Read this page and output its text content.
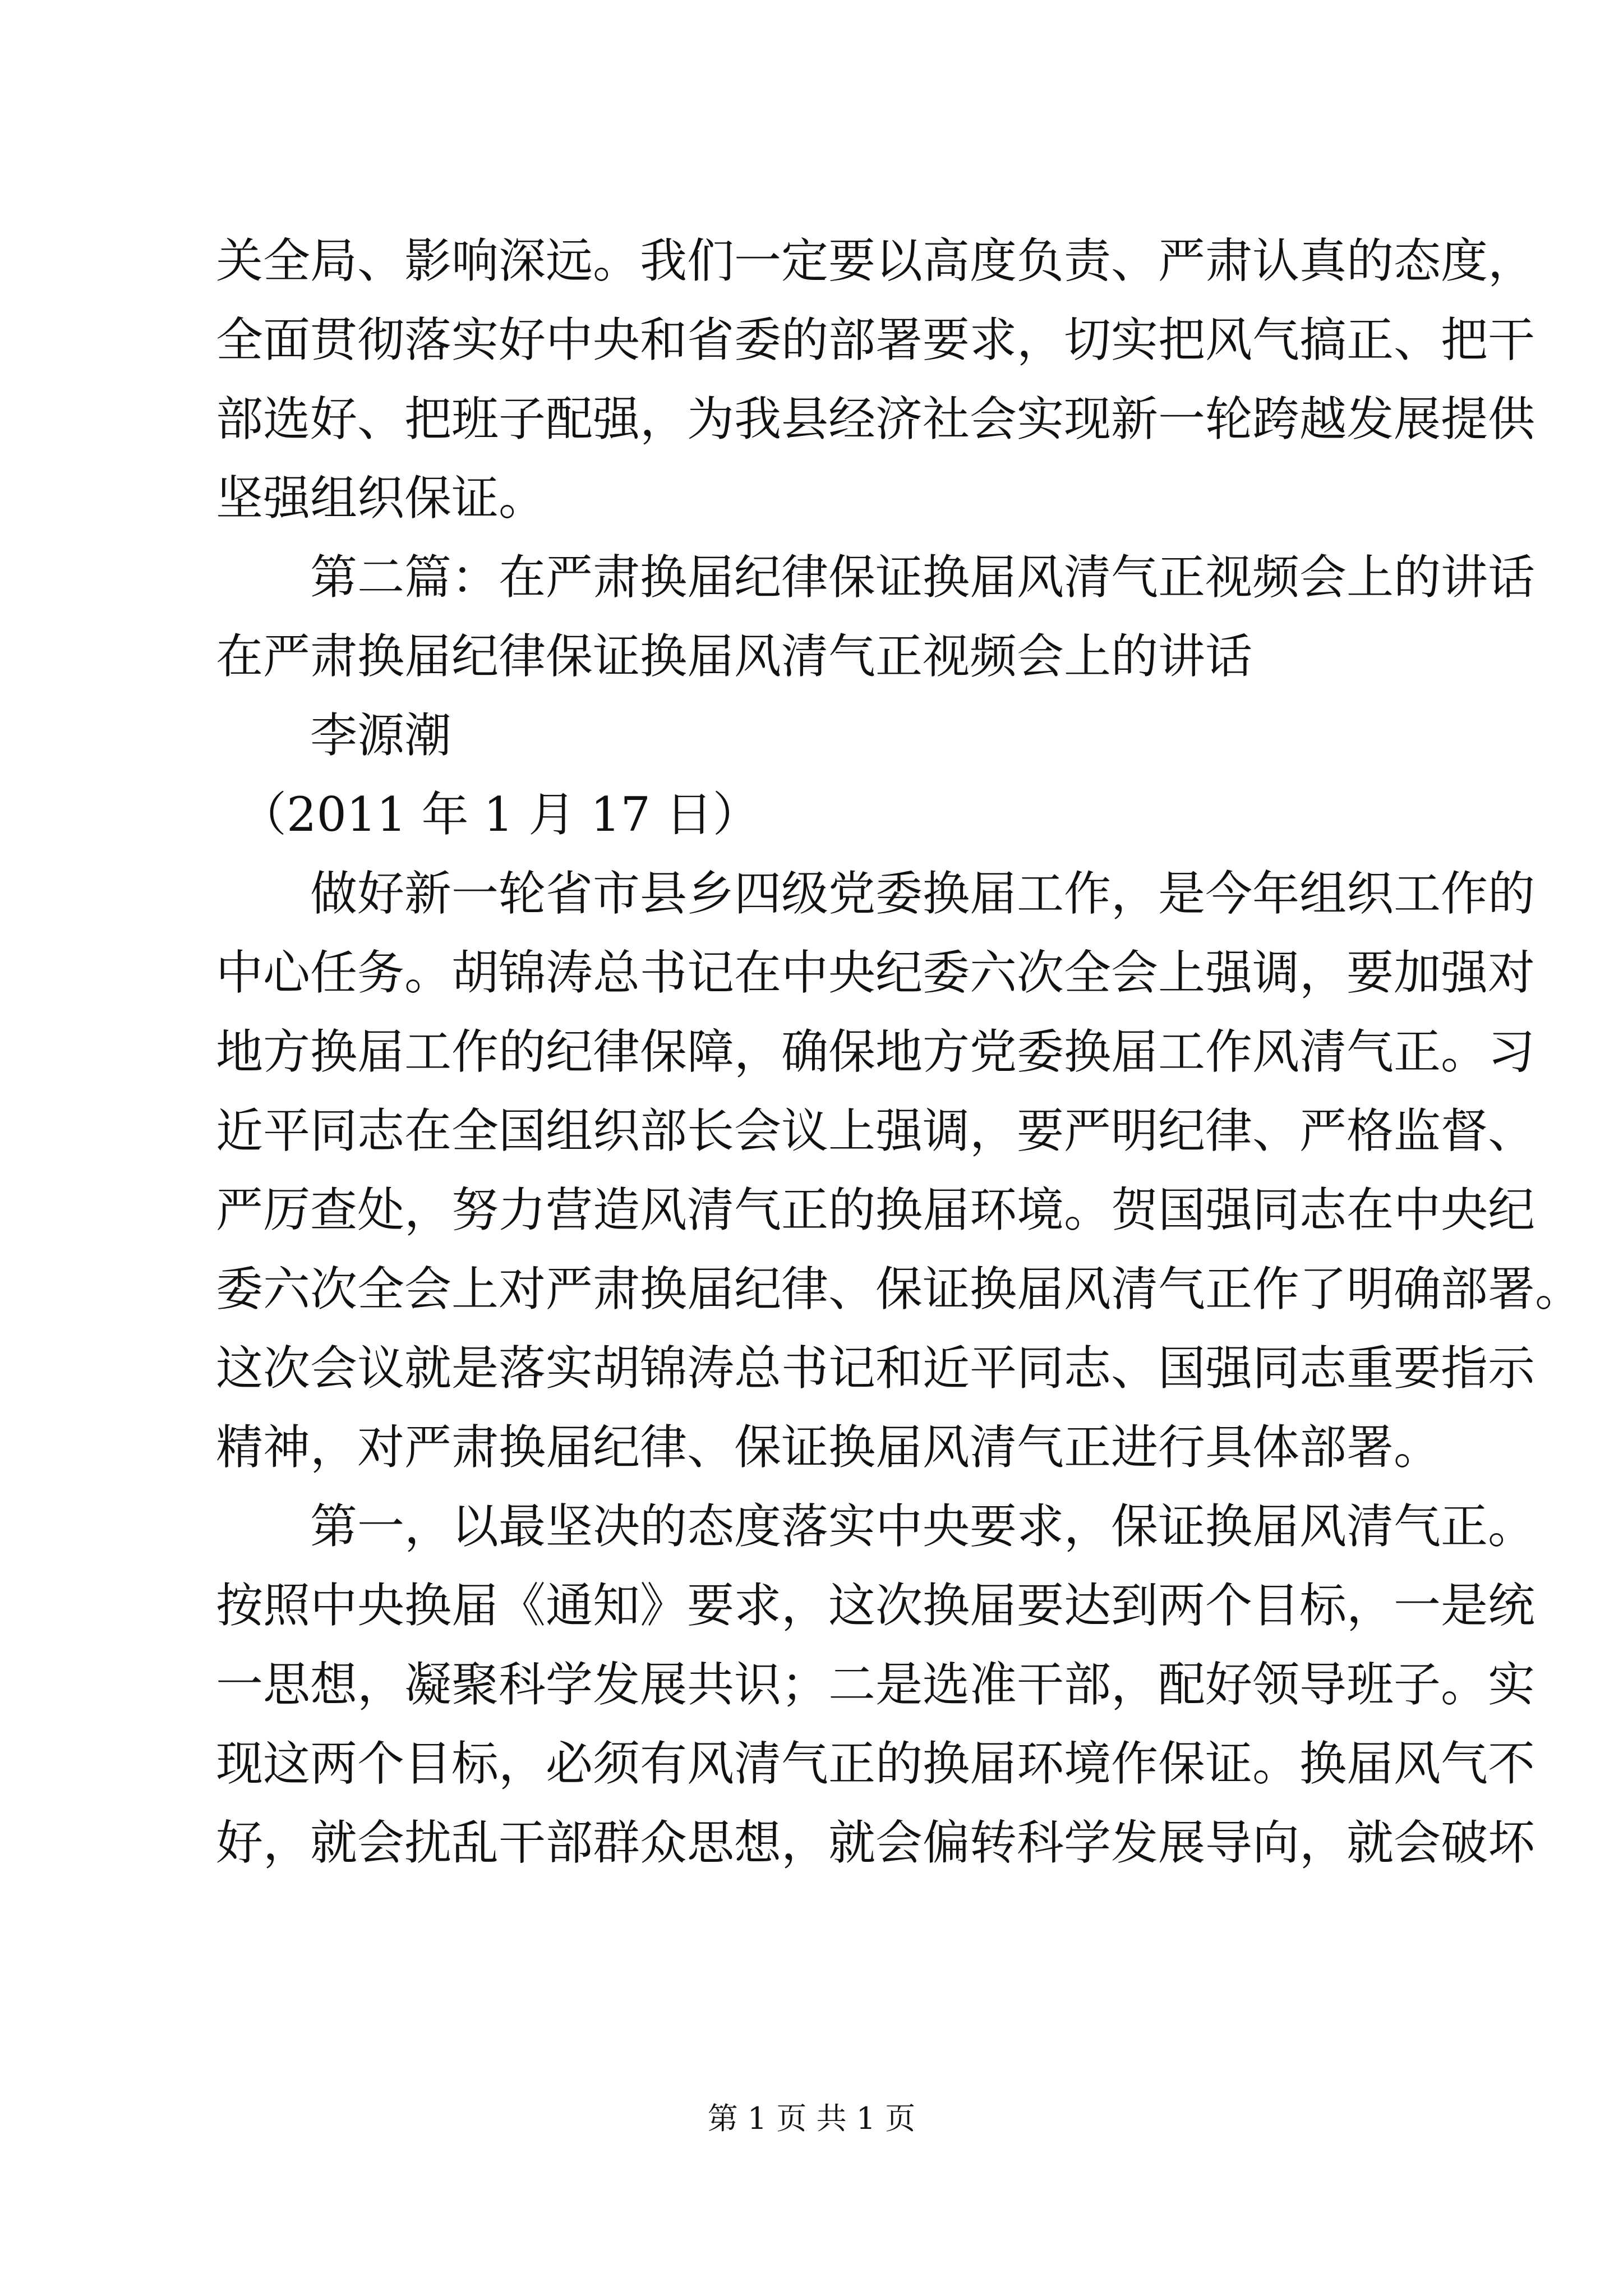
关全局、影响深远。我们一定要以高度负责、严肃认真的态度，
全面贯彻落实好中央和省委的部署要求，切实把风气搞正、把干
部选好、把班子配强，为我县经济社会实现新一轮跨越发展提供
坚强组织保证。
　　第二篇：在严肃换届纪律保证换届风清气正视频会上的讲话
在严肃换届纪律保证换届风清气正视频会上的讲话
　　李源潮
　（2011 年 1 月 17 日）
　　做好新一轮省市县乡四级党委换届工作，是今年组织工作的
中心任务。胡锦涛总书记在中央纪委六次全会上强调，要加强对
地方换届工作的纪律保障，确保地方党委换届工作风清气正。习
近平同志在全国组织部长会议上强调，要严明纪律、严格监督、
严厉查处，努力营造风清气正的换届环境。贺国强同志在中央纪
委六次全会上对严肃换届纪律、保证换届风清气正作了明确部署。
这次会议就是落实胡锦涛总书记和近平同志、国强同志重要指示
精神，对严肃换届纪律、保证换届风清气正进行具体部署。
　　第一，以最坚决的态度落实中央要求，保证换届风清气正。
按照中央换届《通知》要求，这次换届要达到两个目标，一是统
一思想，凝聚科学发展共识；二是选准干部，配好领导班子。实
现这两个目标，必须有风清气正的换届环境作保证。换届风气不
好，就会扰乱干部群众思想，就会偏转科学发展导向，就会破坏
第 1 页 共 1 页
